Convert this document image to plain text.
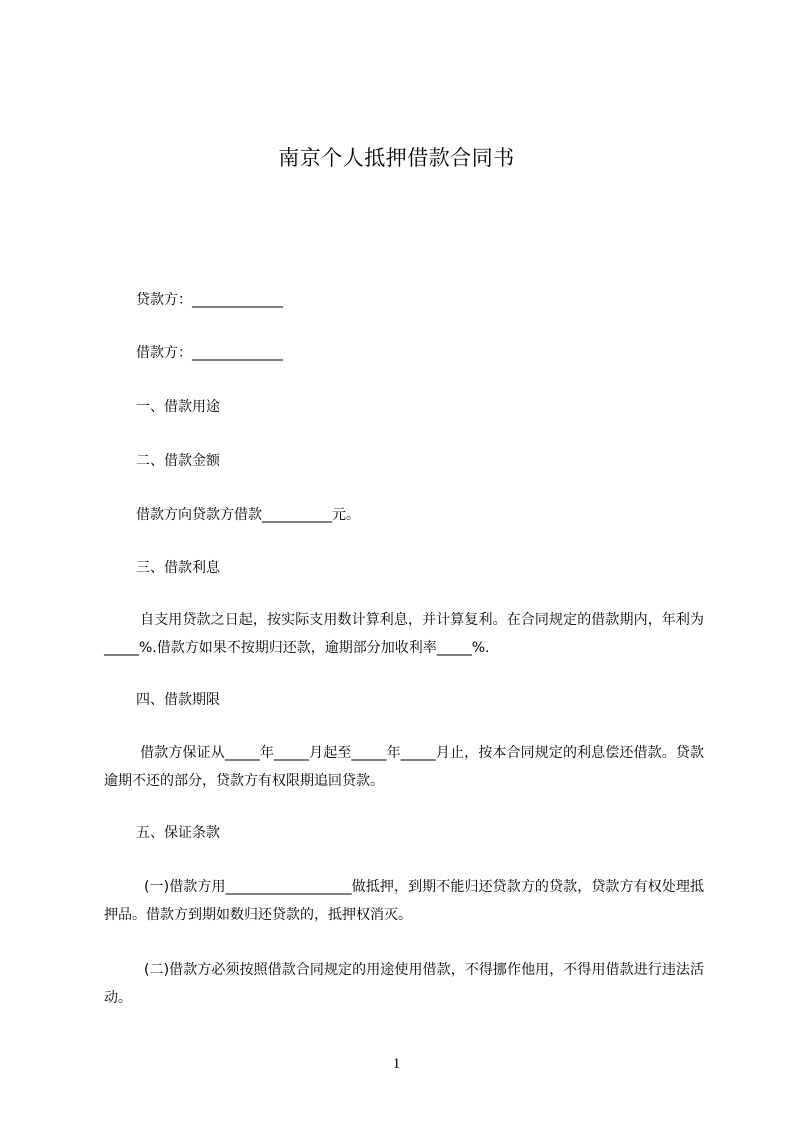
南京个人抵押借款合同书

贷款方：_____________

借款方：_____________

一、借款用途

二、借款金额

借款方向贷款方借款__________元。

三、借款利息

自支用贷款之日起，按实际支用数计算利息，并计算复利。在合同规定的借款期内，年利为_____%.借款方如果不按期归还款，逾期部分加收利率_____%.

四、借款期限

借款方保证从_____年_____月起至_____年_____月止，按本合同规定的利息偿还借款。贷款逾期不还的部分，贷款方有权限期追回贷款。

五、保证条款

(一)借款方用__________________做抵押，到期不能归还贷款方的贷款，贷款方有权处理抵押品。借款方到期如数归还贷款的，抵押权消灭。

(二)借款方必须按照借款合同规定的用途使用借款，不得挪作他用，不得用借款进行违法活动。

1
